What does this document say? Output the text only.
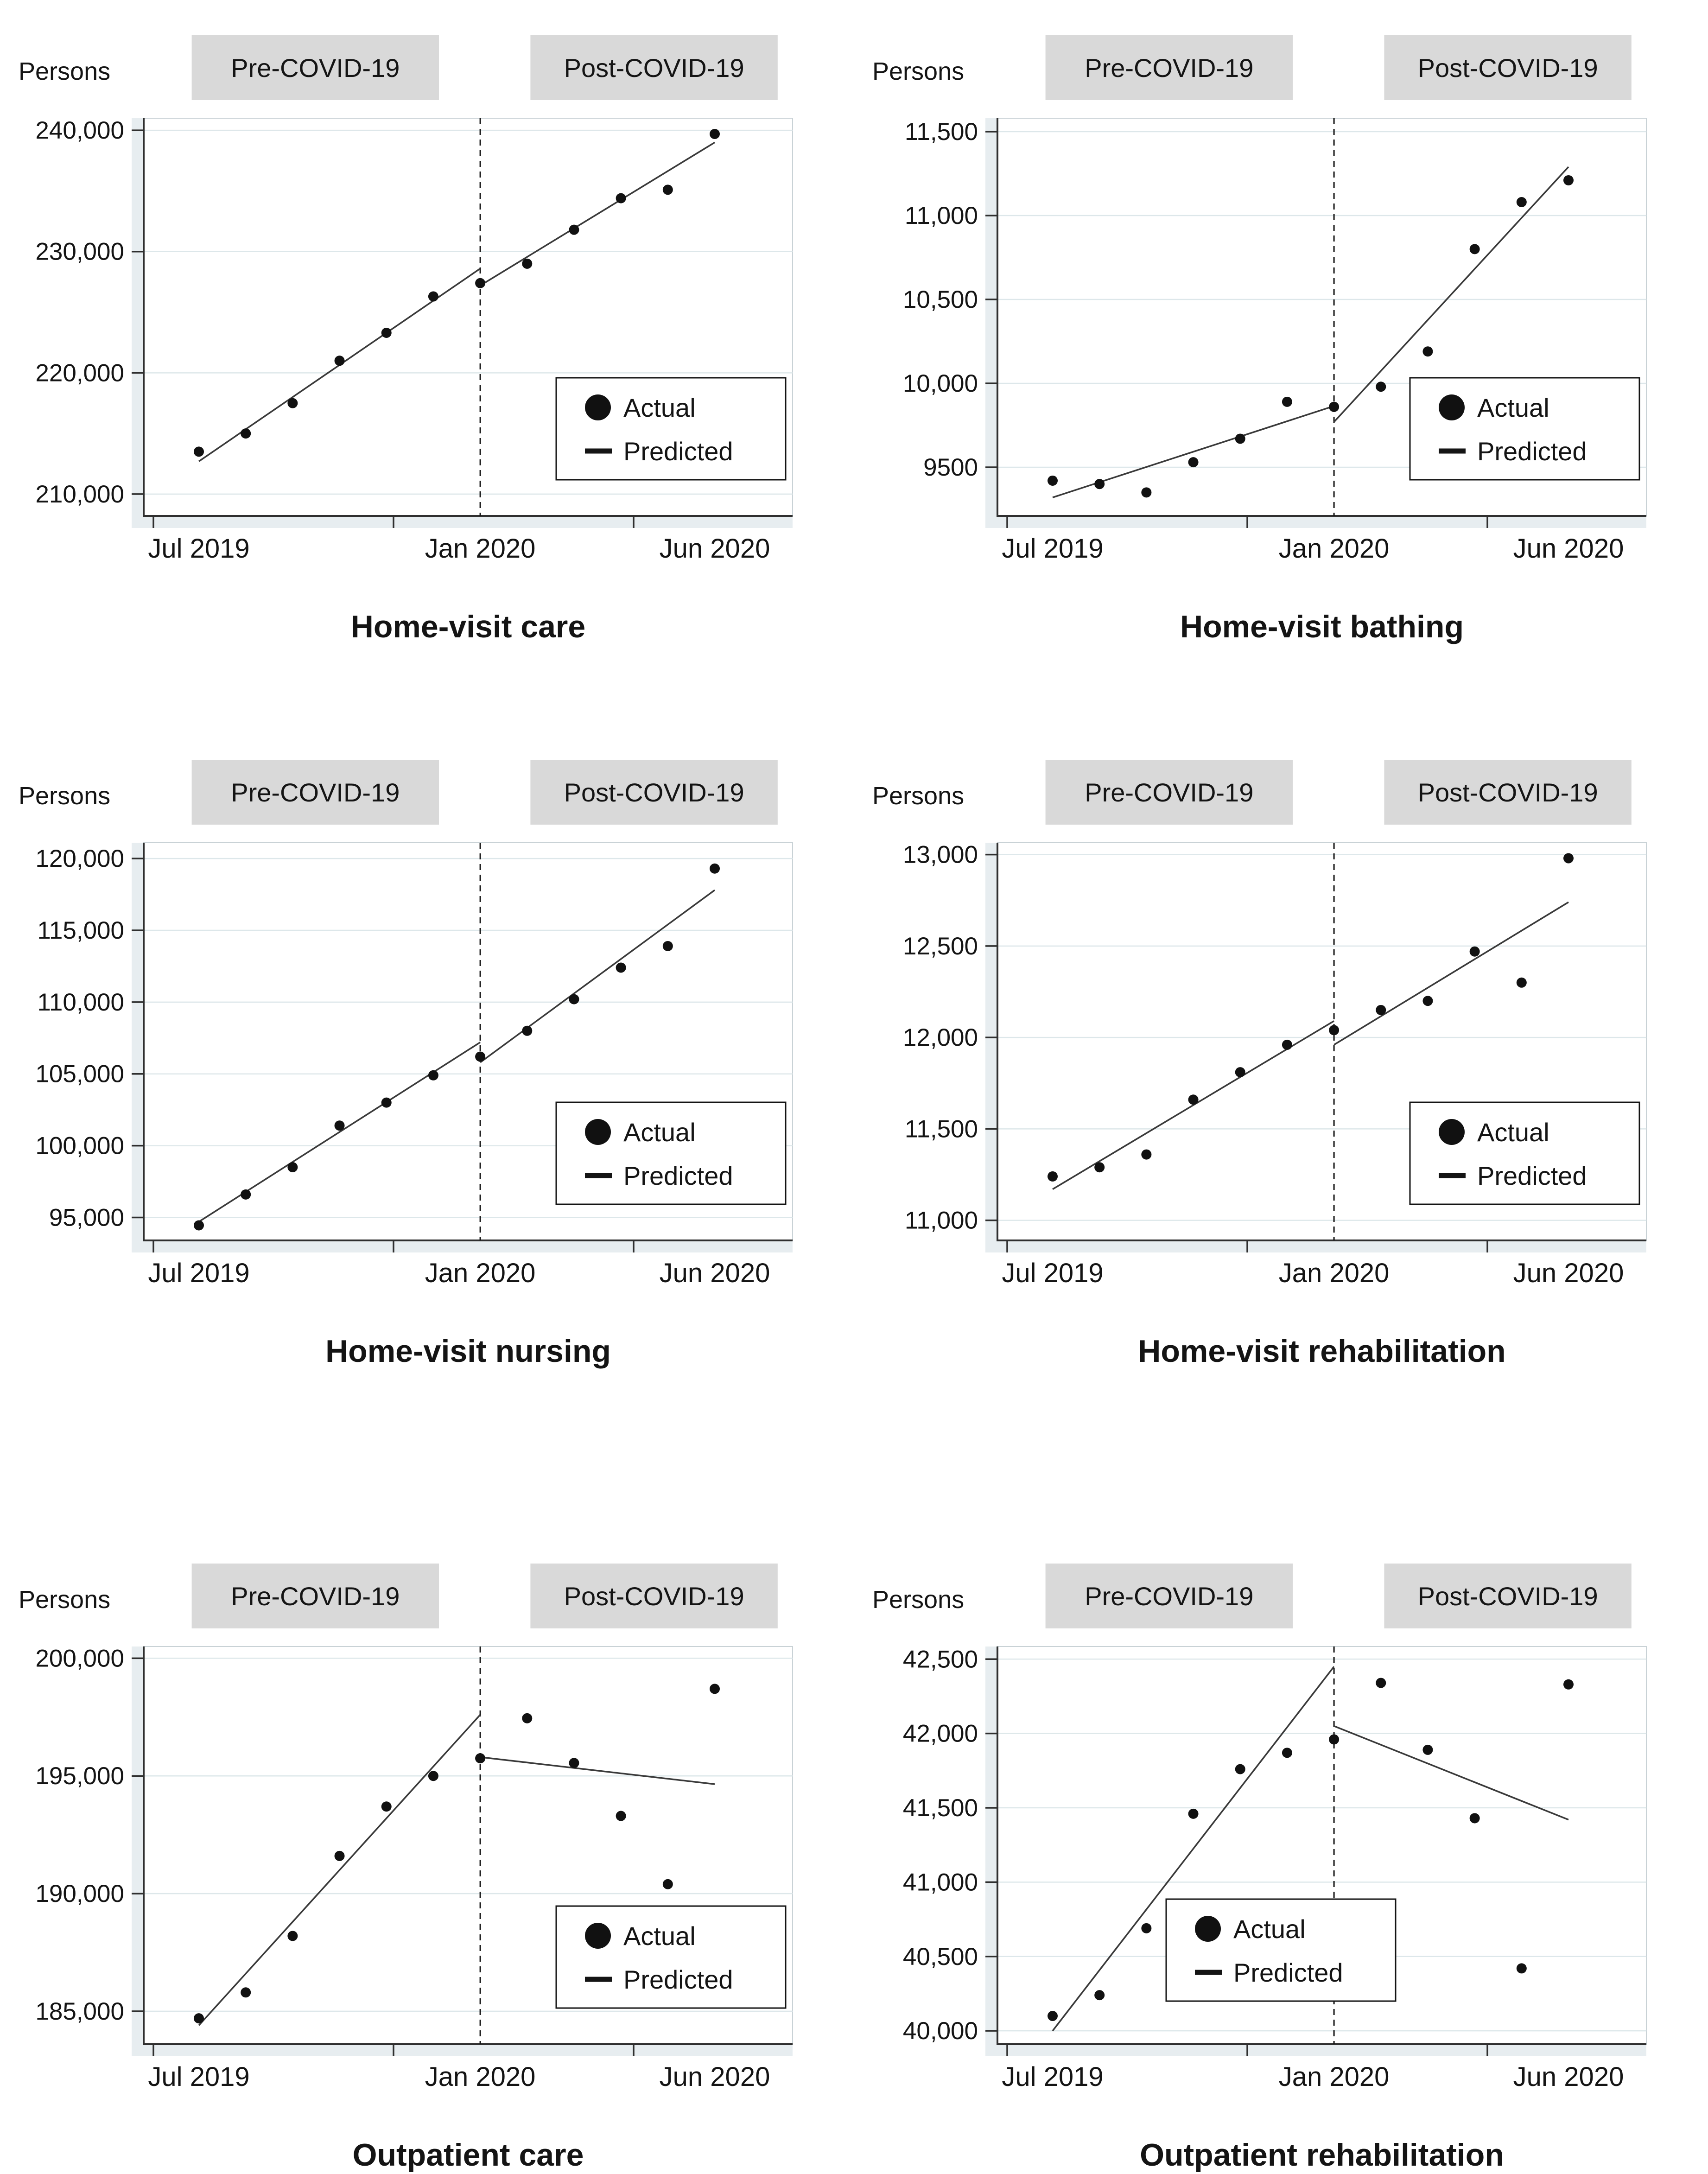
Persons	Pre-COVID-19	Post-COVID-19
210,000
220,000
230,000
240,000
Jul 2019	Jan 2020	Jun 2020
Actual
Predicted
Home-visit care
Persons	Pre-COVID-19	Post-COVID-19
9500
10,000
10,500
11,000
11,500
Jul 2019	Jan 2020	Jun 2020
Actual
Predicted
Home-visit bathing
Persons	Pre-COVID-19	Post-COVID-19
95,000
100,000
105,000
110,000
115,000
120,000
Jul 2019	Jan 2020	Jun 2020
Actual
Predicted
Home-visit nursing
Persons	Pre-COVID-19	Post-COVID-19
11,000
11,500
12,000
12,500
13,000
Jul 2019	Jan 2020	Jun 2020
Actual
Predicted
Home-visit rehabilitation
Persons	Pre-COVID-19	Post-COVID-19
185,000
190,000
195,000
200,000
Jul 2019	Jan 2020	Jun 2020
Actual
Predicted
Outpatient care
Persons	Pre-COVID-19	Post-COVID-19
40,000
40,500
41,000
41,500
42,000
42,500
Jul 2019	Jan 2020	Jun 2020
Actual
Predicted
Outpatient rehabilitation
